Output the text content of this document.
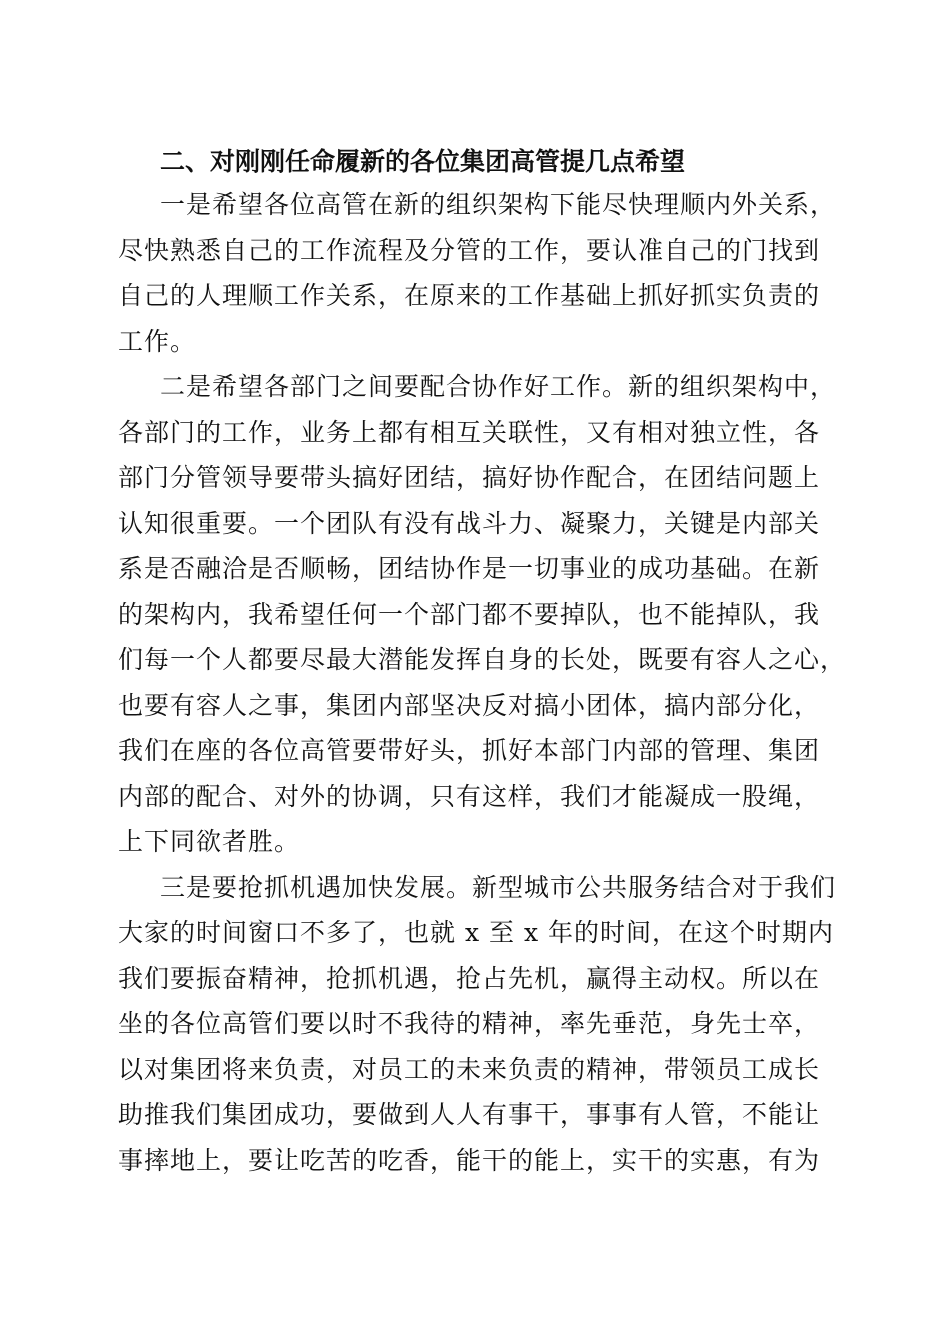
二、对刚刚任命履新的各位集团高管提几点希望
一是希望各位高管在新的组织架构下能尽快理顺内外关系，
尽快熟悉自己的工作流程及分管的工作，要认准自己的门找到
自己的人理顺工作关系，在原来的工作基础上抓好抓实负责的
工作。
二是希望各部门之间要配合协作好工作。新的组织架构中，
各部门的工作，业务上都有相互关联性，又有相对独立性，各
部门分管领导要带头搞好团结，搞好协作配合，在团结问题上
认知很重要。一个团队有没有战斗力、凝聚力，关键是内部关
系是否融洽是否顺畅，团结协作是一切事业的成功基础。在新
的架构内，我希望任何一个部门都不要掉队，也不能掉队，我
们每一个人都要尽最大潜能发挥自身的长处，既要有容人之心，
也要有容人之事，集团内部坚决反对搞小团体，搞内部分化，
我们在座的各位高管要带好头，抓好本部门内部的管理、集团
内部的配合、对外的协调，只有这样，我们才能凝成一股绳，
上下同欲者胜。
三是要抢抓机遇加快发展。新型城市公共服务结合对于我们
大家的时间窗口不多了，也就 x 至 x 年的时间，在这个时期内
我们要振奋精神，抢抓机遇，抢占先机，赢得主动权。所以在
坐的各位高管们要以时不我待的精神，率先垂范，身先士卒，
以对集团将来负责，对员工的未来负责的精神，带领员工成长
助推我们集团成功，要做到人人有事干，事事有人管，不能让
事摔地上，要让吃苦的吃香，能干的能上，实干的实惠，有为
